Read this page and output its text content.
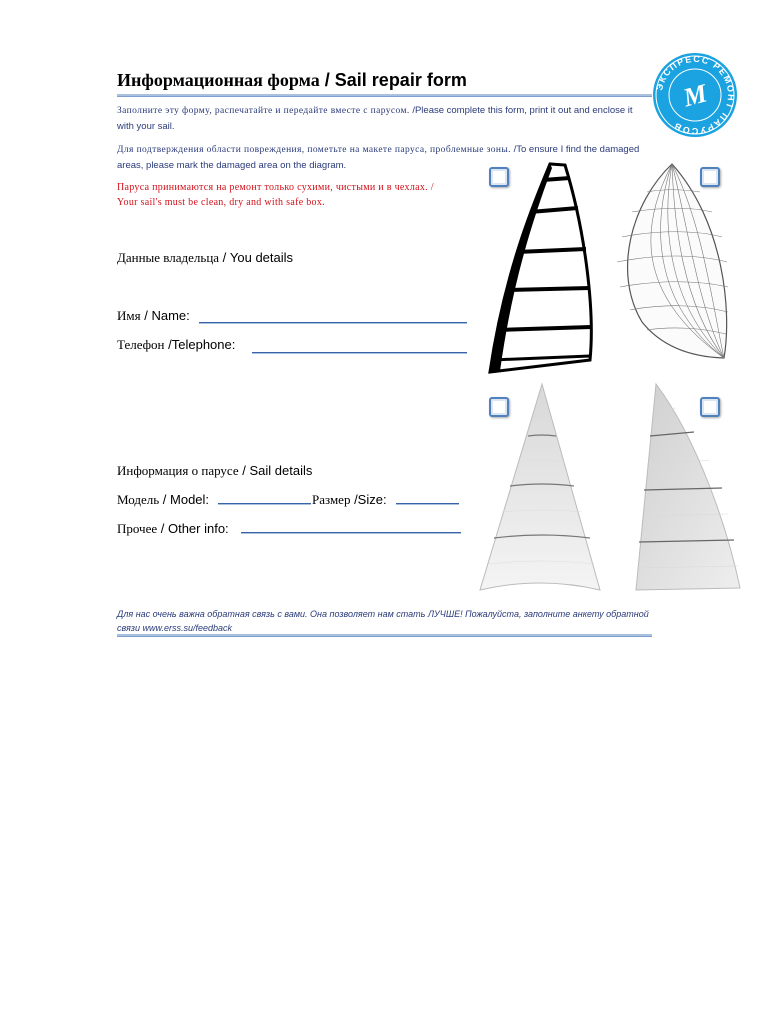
Информационная форма / Sail repair form	ЭКСПРЕСС РЕМОНТ ПАРУСОВ
M
Заполните эту форму, распечатайте и передайте вместе с парусом. /Please complete this form, print it out and enclose it with your sail.
Для подтверждения области повреждения, пометьте на макете паруса, проблемные зоны. /To ensure I find the damaged areas, please mark the damaged area on the diagram.
Паруса принимаются на ремонт только сухими, чистыми и в чехлах. / Your sail's must be clean, dry and with safe box.
Данные владельца / You details
Имя / Name:
Телефон /Telephone:
Информация о парусе / Sail details
Модель / Model:	Размер /Size:
Прочее / Other info:
Для нас очень важна обратная связь с вами. Она позволяет нам стать ЛУЧШЕ! Пожалуйста, заполните анкету обратной связи www.erss.su/feedback
